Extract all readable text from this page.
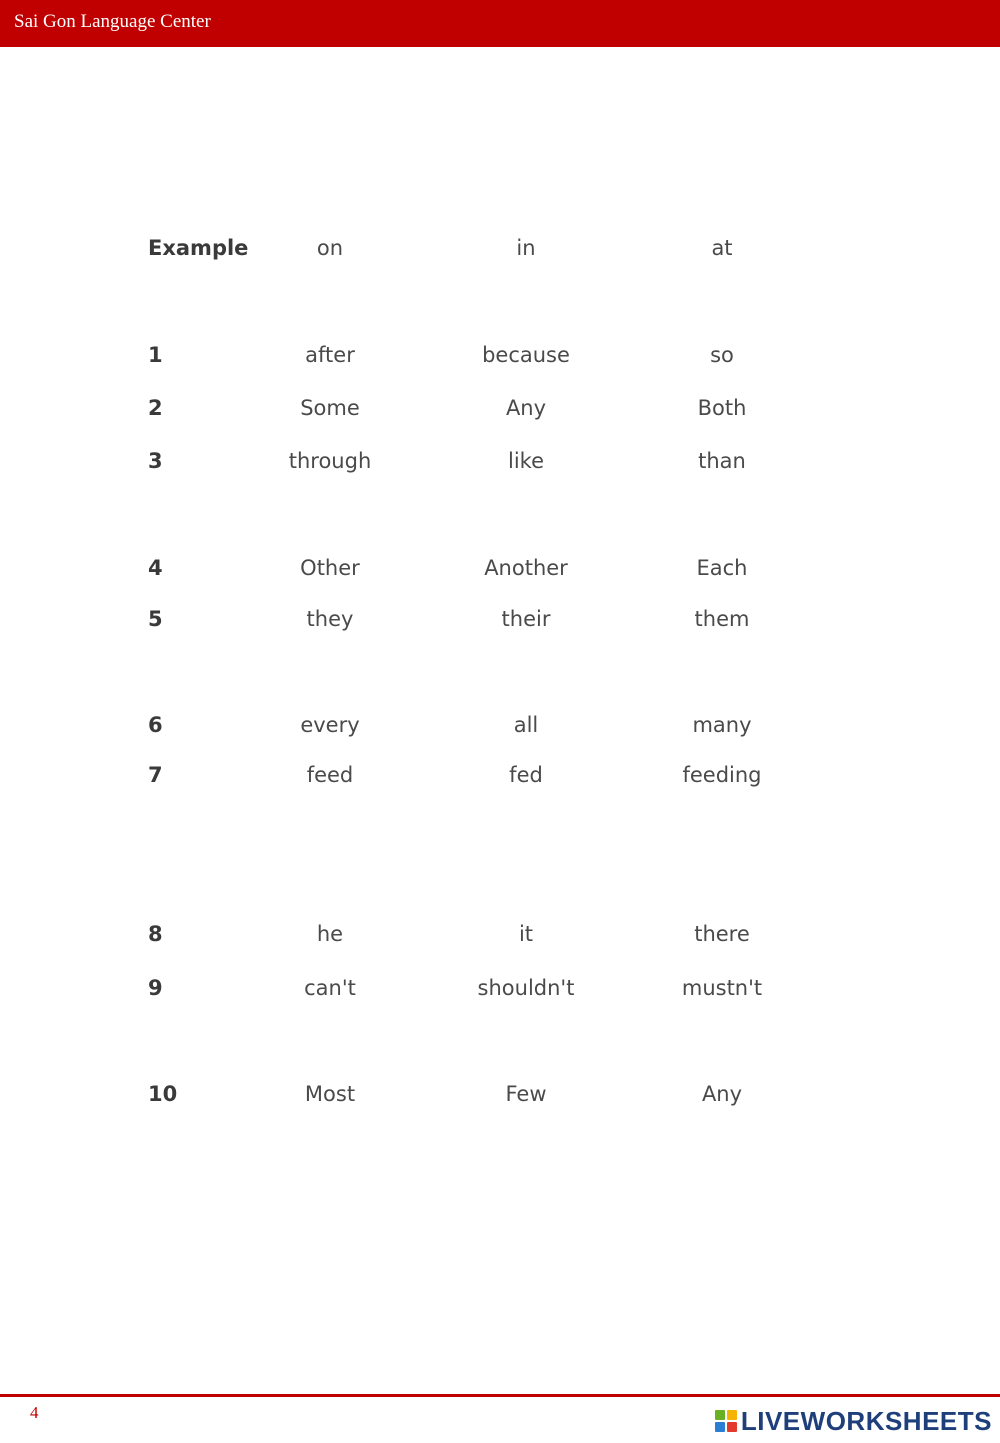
Sai Gon Language Center
Example	on	in	at
1	after	because	so
2	Some	Any	Both
3	through	like	than
4	Other	Another	Each
5	they	their	them
6	every	all	many
7	feed	fed	feeding
8	he	it	there
9	can't	shouldn't	mustn't
10	Most	Few	Any
4	LIVEWORKSHEETS
